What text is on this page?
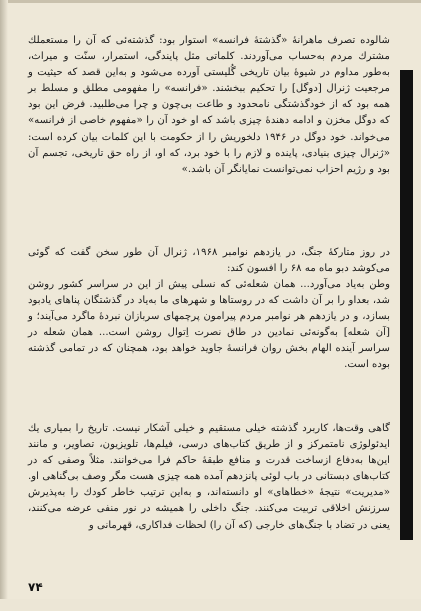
شالوده تصرف ماهرانهٔ «گذشتهٔ فرانسه» استوار بود: گذشته‌ئی که آن را مستعملك مشترك مردم به‌حساب می‌آوردند. کلماتی مثل پایندگی، استمرار، سنّت و میراث، به‌طور مداوم در شیوهٔ بیان تاریخی گُلیستی آورده می‌شود و به‌این قصد که حیثیت و مرجعیت ژنرال [دوگل] را تحکیم ببخشند. «فرانسه» را مفهومی مطلق و مسلط بر همه بود که از خودگذشتگی نامحدود و طاعت بی‌چون و چرا می‌طلبید. فرض این بود که دوگل مخزن و ادامه دهندهٔ چیزی باشد که او خود آن را «مفهوم خاصی از فرانسه» می‌خواند. خود دوگل در ۱۹۴۶ دلخوریش را از حکومت با این کلمات بیان کرده است: «ژنرال چیزی بنیادی، پاینده و لازم را با خود برد، که او، از راه حق تاریخی، تجسم آن بود و رژیم احزاب نمی‌توانست نمایانگر آن باشد.»

در روز متارکهٔ جنگ، در یازدهم نوامبر ۱۹۶۸، ژنرال آن طور سخن گفت که گوئی می‌کوشد دبو ماه مه ۶۸ را افسون کند:

وطن به‌یاد می‌آورد... همان شعله‌ئی که نسلی پیش از این در سراسر کشور روشن شد، بعداو را بر آن داشت که در روستاها و شهرهای ما به‌یاد در گذشتگان پناهای یادبود بسازد، و در یازدهم هر نوامبر مردم پیرامون پرچمهای سربازان نبردهٔ ماگرد می‌آیند؛ و [آن شعله] به‌گونه‌ئی نمادین در طاق نصرت اِتوال روشن است... همان شعله در سراسر آینده الهام بخش روان فرانسهٔ جاوید خواهد بود، همچنان که در تمامی گذشته بوده است.

گاهی وقت‌ها، کاربرد گذشته خیلی مستقیم و خیلی آشکار نیست. تاریخ را بمیاری یك ایدئولوژی نامتمرکز و از طریق کتاب‌های درسی، فیلم‌ها، تلویزیون، تصاویر، و مانند این‌ها به‌دفاع ازساخت قدرت و منافع طبقهٔ حاکم فرا می‌خوانند. مثلاً وصفی که در کتاب‌های دبستانی در باب لوئی پانزدهم آمده همه چیزی هست مگر وصف بی‌گناهی او. «مدیریت» نتیجهٔ «خطاهای» او دانسته‌اند، و به‌این ترتیب خاطر کودك را به‌پذیرش سرزنش اخلاقی تربیت می‌کنند. جنگ داخلی را همیشه در نور منفی عرضه می‌کنند، یعنی در تضاد با جنگ‌های خارجی (که آن را) لحظات فداکاری، قهرمانی و

۷۴
